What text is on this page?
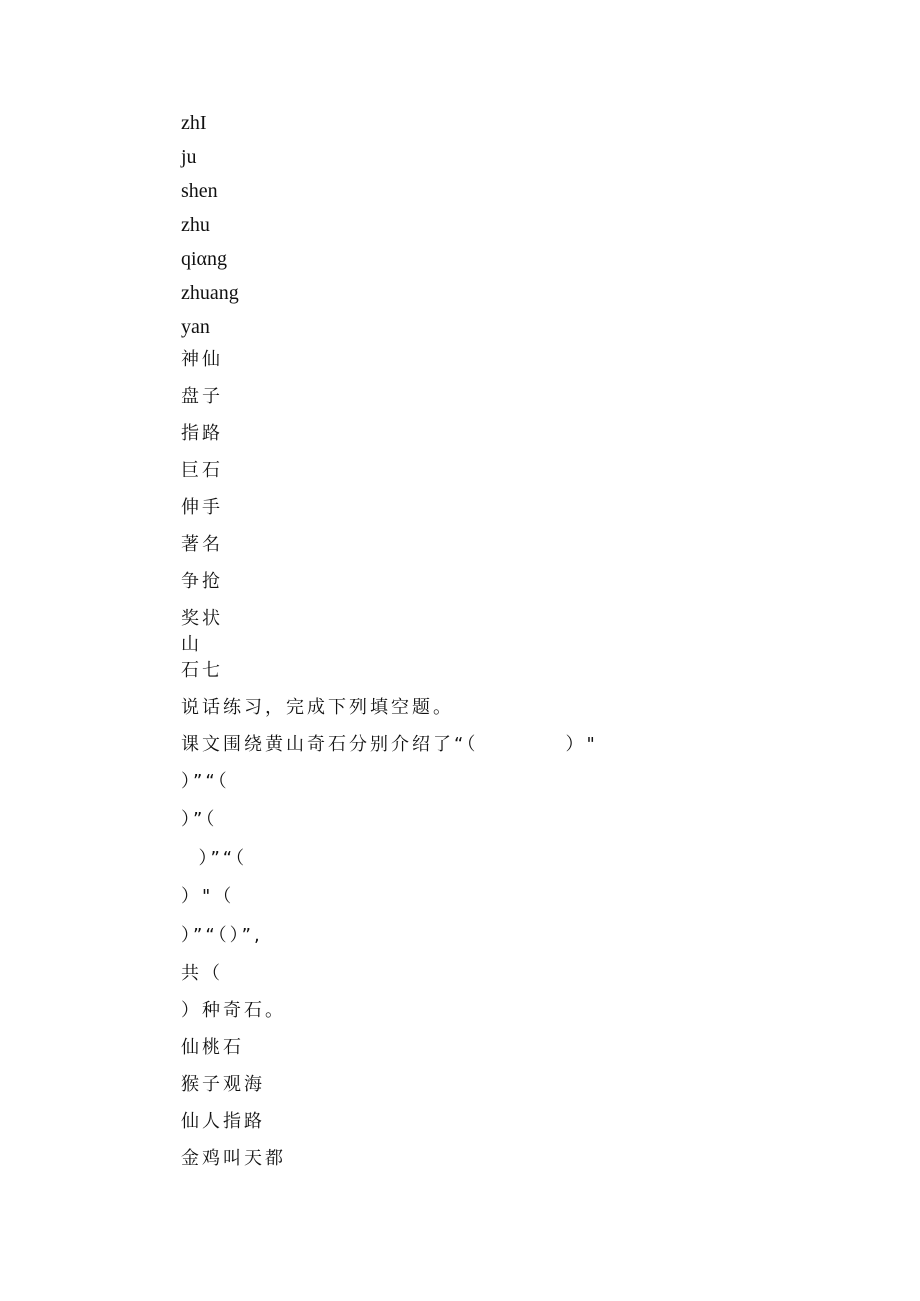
zhI
ju
shen
zhu
qiαng
zhuang
yan
神仙
盘子
指路
巨石
伸手
著名
争抢
奖状
山
石七
说话练习，完成下列填空题。
课文围绕黄山奇石分别介绍了“（          ）"
）”“（
）”（
）”“（
）"（
）”“（）”,
共（
）种奇石。
仙桃石
猴子观海
仙人指路
金鸡叫天都
